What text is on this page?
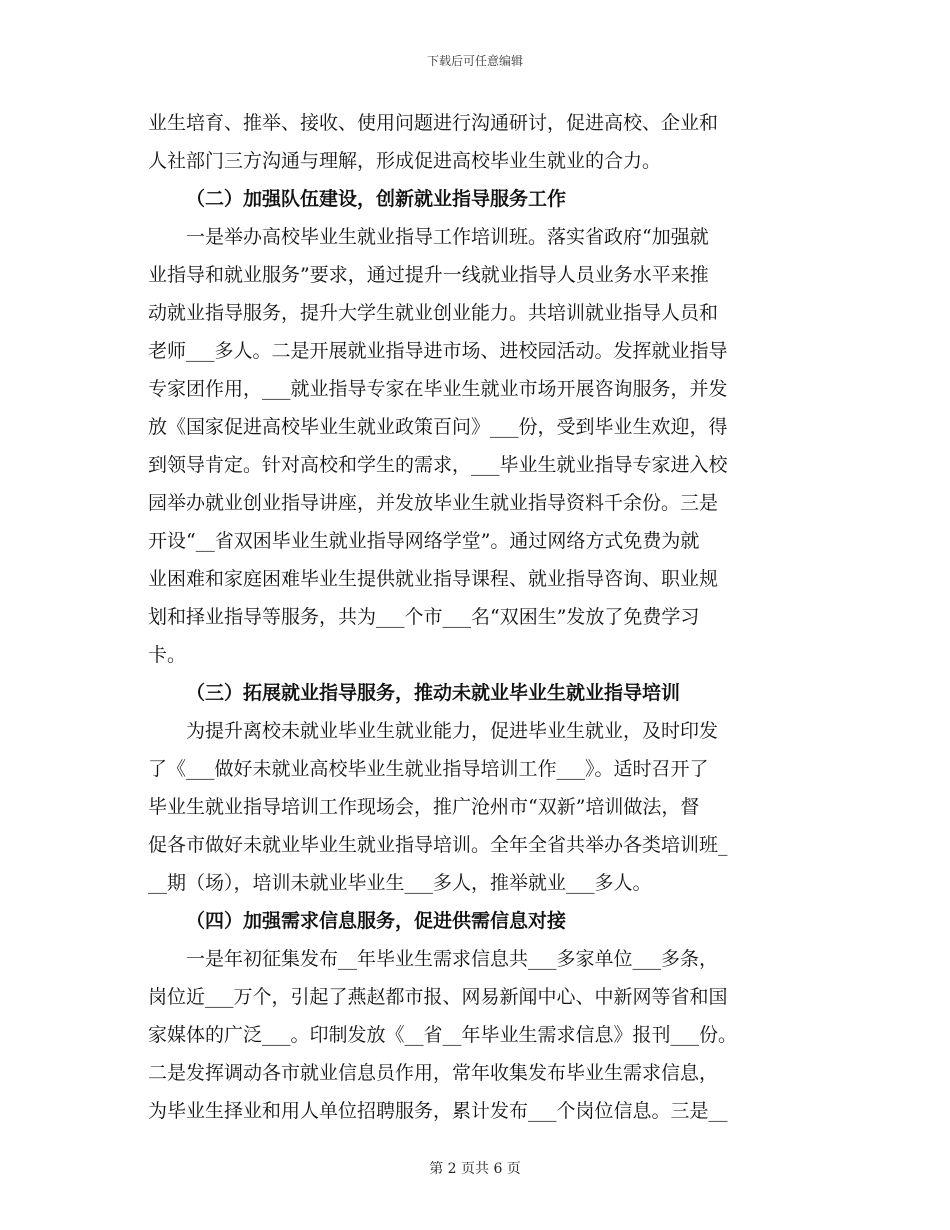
下载后可任意编辑
业生培育、推举、接收、使用问题进行沟通研讨，促进高校、企业和
人社部门三方沟通与理解，形成促进高校毕业生就业的合力。
（二）加强队伍建设，创新就业指导服务工作
一是举办高校毕业生就业指导工作培训班。落实省政府“加强就
业指导和就业服务”要求，通过提升一线就业指导人员业务水平来推
动就业指导服务，提升大学生就业创业能力。共培训就业指导人员和
老师___多人。二是开展就业指导进市场、进校园活动。发挥就业指导
专家团作用，___就业指导专家在毕业生就业市场开展咨询服务，并发
放《国家促进高校毕业生就业政策百问》___份，受到毕业生欢迎，得
到领导肯定。针对高校和学生的需求，___毕业生就业指导专家进入校
园举办就业创业指导讲座，并发放毕业生就业指导资料千余份。三是
开设“__省双困毕业生就业指导网络学堂”。通过网络方式免费为就
业困难和家庭困难毕业生提供就业指导课程、就业指导咨询、职业规
划和择业指导等服务，共为___个市___名“双困生”发放了免费学习
卡。
（三）拓展就业指导服务，推动未就业毕业生就业指导培训
为提升离校未就业毕业生就业能力，促进毕业生就业，及时印发
了《___做好未就业高校毕业生就业指导培训工作___》。适时召开了
毕业生就业指导培训工作现场会，推广沧州市“双新”培训做法，督
促各市做好未就业毕业生就业指导培训。全年全省共举办各类培训班_
__期（场），培训未就业毕业生___多人，推举就业___多人。
（四）加强需求信息服务，促进供需信息对接
一是年初征集发布__年毕业生需求信息共___多家单位___多条，
岗位近___万个，引起了燕赵都市报、网易新闻中心、中新网等省和国
家媒体的广泛___。印制发放《__省__年毕业生需求信息》报刊___份。
二是发挥调动各市就业信息员作用，常年收集发布毕业生需求信息，
为毕业生择业和用人单位招聘服务，累计发布___个岗位信息。三是__
第 2 页共 6 页
